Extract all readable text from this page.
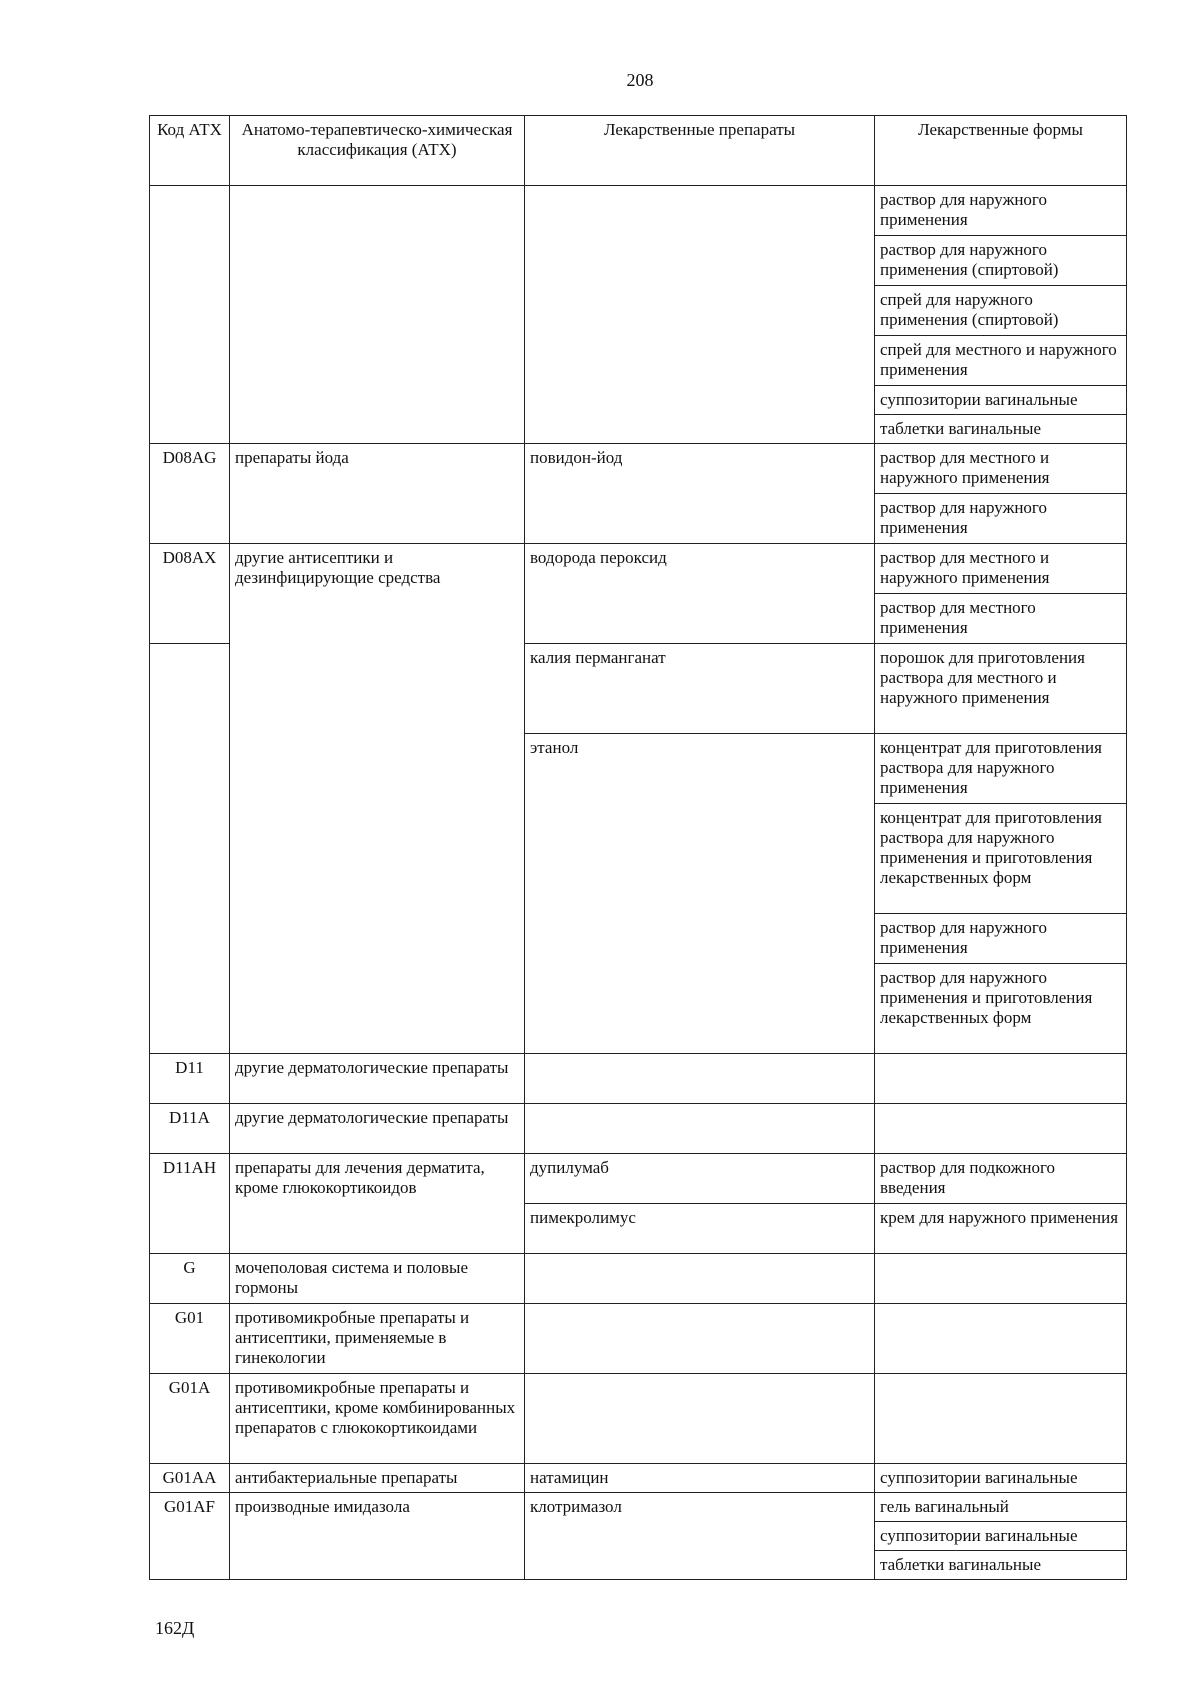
208
Код АТХ	Анатомо-терапевтическо-химическая классификация (АТХ)	Лекарственные препараты	Лекарственные формы
			раствор для наружного применения
			раствор для наружного применения (спиртовой)
			спрей для наружного применения (спиртовой)
			спрей для местного и наружного применения
			суппозитории вагинальные
			таблетки вагинальные
D08AG	препараты йода	повидон-йод	раствор для местного и наружного применения
			раствор для наружного применения
D08AX	другие антисептики и дезинфицирующие средства	водорода пероксид	раствор для местного и наружного применения
			раствор для местного применения
		калия перманганат	порошок для приготовления раствора для местного и наружного применения
		этанол	концентрат для приготовления раствора для наружного применения
			концентрат для приготовления раствора для наружного применения и приготовления лекарственных форм
			раствор для наружного применения
			раствор для наружного применения и приготовления лекарственных форм
D11	другие дерматологические препараты		
D11A	другие дерматологические препараты		
D11AH	препараты для лечения дерматита, кроме глюкокортикоидов	дупилумаб	раствор для подкожного введения
		пимекролимус	крем для наружного применения
G	мочеполовая система и половые гормоны		
G01	противомикробные препараты и антисептики, применяемые в гинекологии		
G01A	противомикробные препараты и антисептики, кроме комбинированных препаратов с глюкокортикоидами		
G01AA	антибактериальные препараты	натамицин	суппозитории вагинальные
G01AF	производные имидазола	клотримазол	гель вагинальный
			суппозитории вагинальные
			таблетки вагинальные
162Д
